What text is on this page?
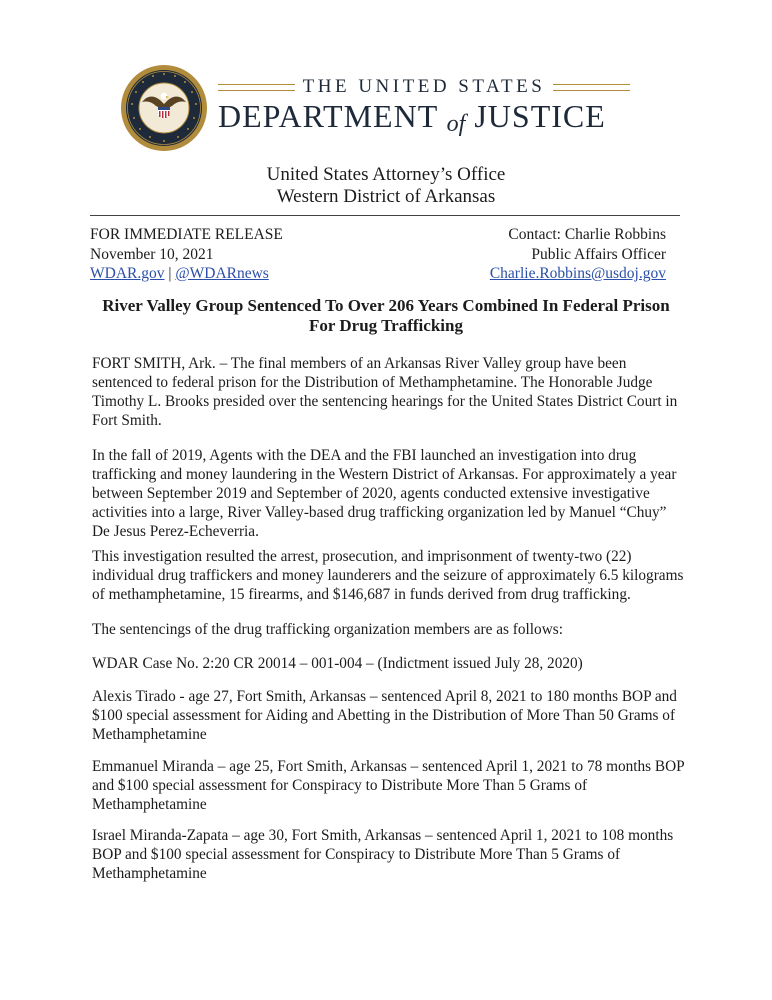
THE UNITED STATES
DEPARTMENT of JUSTICE
United States Attorney’s Office
Western District of Arkansas
FOR IMMEDIATE RELEASE
November 10, 2021
WDAR.gov | @WDARnews
Contact: Charlie Robbins
Public Affairs Officer
Charlie.Robbins@usdoj.gov
River Valley Group Sentenced To Over 206 Years Combined In Federal Prison
For Drug Trafficking

FORT SMITH, Ark. – The final members of an Arkansas River Valley group have been sentenced to federal prison for the Distribution of Methamphetamine. The Honorable Judge Timothy L. Brooks presided over the sentencing hearings for the United States District Court in Fort Smith.

In the fall of 2019, Agents with the DEA and the FBI launched an investigation into drug trafficking and money laundering in the Western District of Arkansas. For approximately a year between September 2019 and September of 2020, agents conducted extensive investigative activities into a large, River Valley-based drug trafficking organization led by Manuel “Chuy” De Jesus Perez-Echeverria.

This investigation resulted the arrest, prosecution, and imprisonment of twenty-two (22) individual drug traffickers and money launderers and the seizure of approximately 6.5 kilograms of methamphetamine, 15 firearms, and $146,687 in funds derived from drug trafficking.

The sentencings of the drug trafficking organization members are as follows:

WDAR Case No. 2:20 CR 20014 – 001-004 – (Indictment issued July 28, 2020)

Alexis Tirado - age 27, Fort Smith, Arkansas – sentenced April 8, 2021 to 180 months BOP and $100 special assessment for Aiding and Abetting in the Distribution of More Than 50 Grams of Methamphetamine

Emmanuel Miranda – age 25, Fort Smith, Arkansas – sentenced April 1, 2021 to 78 months BOP and $100 special assessment for Conspiracy to Distribute More Than 5 Grams of Methamphetamine

Israel Miranda-Zapata – age 30, Fort Smith, Arkansas – sentenced April 1, 2021 to 108 months BOP and $100 special assessment for Conspiracy to Distribute More Than 5 Grams of Methamphetamine
